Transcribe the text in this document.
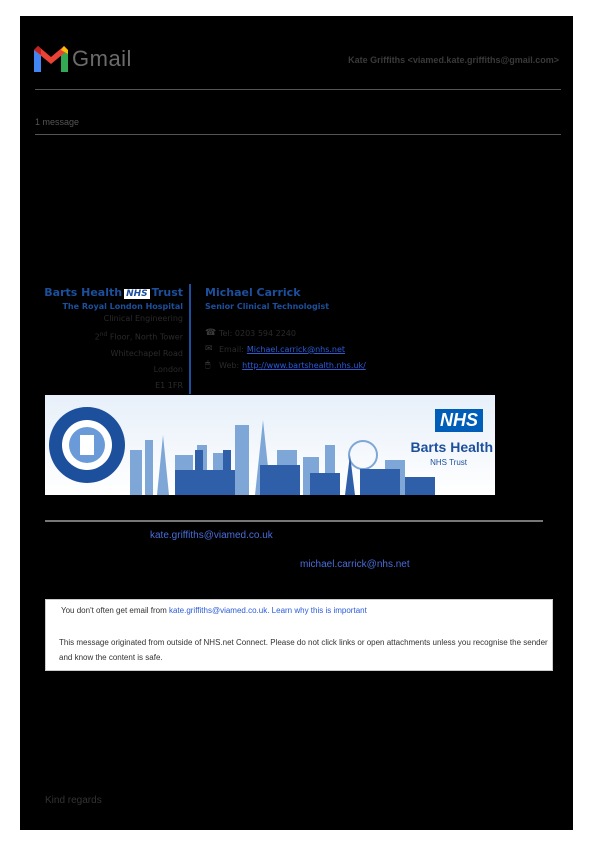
Gmail	Kate Griffiths <viamed.kate.griffiths@gmail.com>
1 message
Barts Health NHS Trust
The Royal London Hospital
Clinical Engineering
2nd Floor, North Tower
Whitechapel Road
London
E1 1FR
Michael Carrick
Senior Clinical Technologist
☎ Tel: 0203 594 2240
✉ Email: Michael.carrick@nhs.net
🖱	Web: http://www.bartshealth.nhs.uk/
NHS
Barts Health
NHS Trust
kate.griffiths@viamed.co.uk
michael.carrick@nhs.net
You don't often get email from kate.griffiths@viamed.co.uk. Learn why this is important
This message originated from outside of NHS.net Connect. Please do not click links or open attachments unless you recognise the sender and know the content is safe.
Kind regards
